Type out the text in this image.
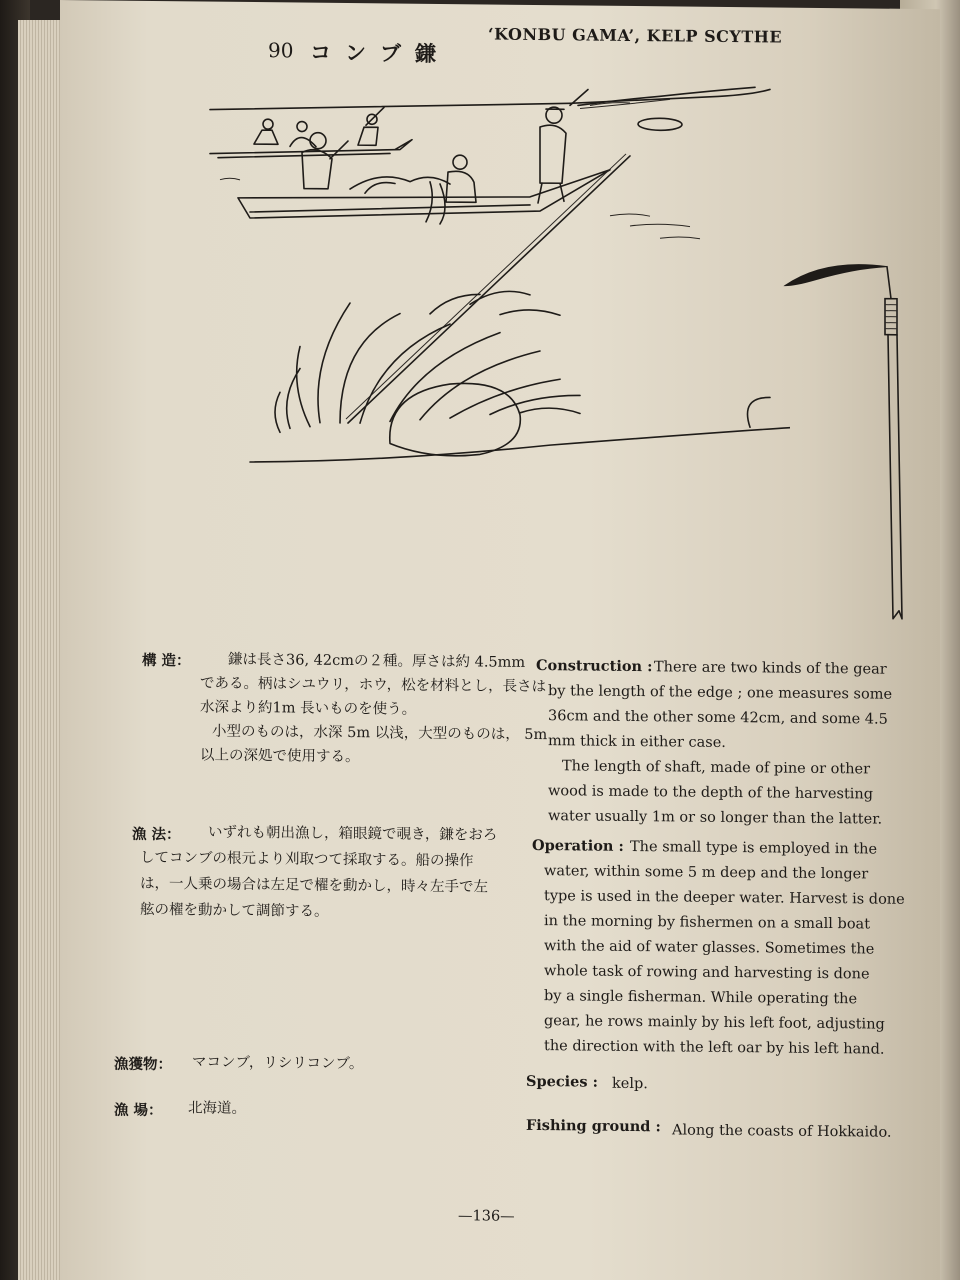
90 コンブ鎌
‘KONBU GAMA’, KELP SCYTHE
構 造：	鎌は長さ36, 42cmの２種。厚さは約 4.5mm
である。柄はシユウリ，ホウ，松を材料とし，長さは
水深より約1m 長いものを使う。
小型のものは，水深 5m 以浅，大型のものは， 5m
以上の深処で使用する。
漁 法： いずれも朝出漁し，箱眼鏡で覗き，鎌をおろ
してコンブの根元より刈取つて採取する。船の操作
は，一人乗の場合は左足で櫂を動かし，時々左手で左
舷の櫂を動かして調節する。
漁獲物： マコンブ，リシリコンブ。
漁 場： 北海道。
Construction : There are two kinds of the gear
by the length of the edge ; one measures some
36cm and the other some 42cm, and some 4.5
mm thick in either case.
The length of shaft, made of pine or other
wood is made to the depth of the harvesting
water usually 1m or so longer than the latter.
Operation : The small type is employed in the
water, within some 5 m deep and the longer
type is used in the deeper water. Harvest is done
in the morning by fishermen on a small boat
with the aid of water glasses. Sometimes the
whole task of rowing and harvesting is done
by a single fisherman. While operating the
gear, he rows mainly by his left foot, adjusting
the direction with the left oar by his left hand.
Species : kelp.
Fishing ground : Along the coasts of Hokkaido.
—136—
